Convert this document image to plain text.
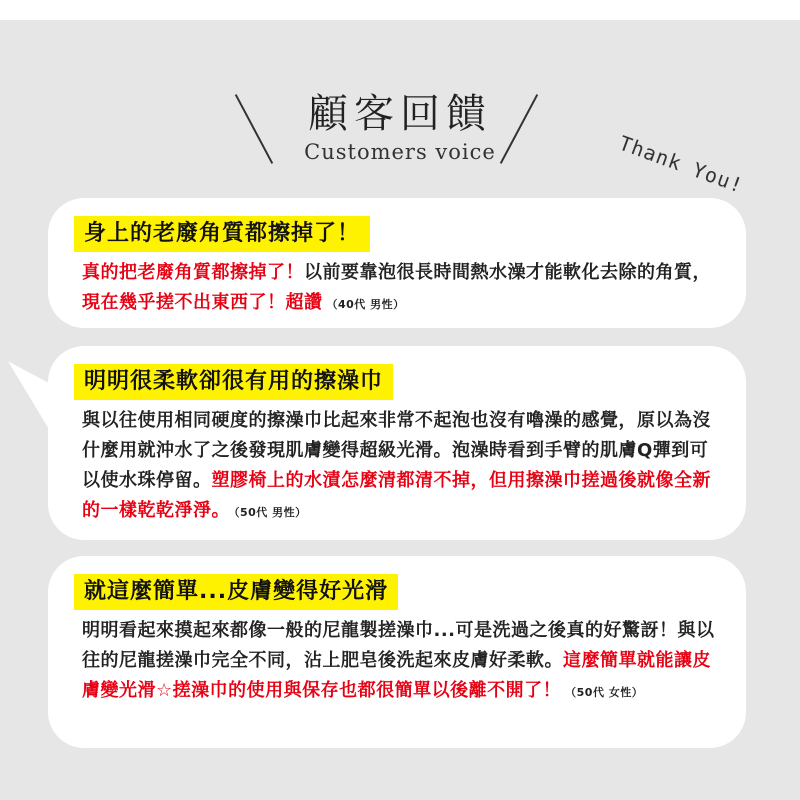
顧客回饋
Customers voice	Thank You!
身上的老廢角質都擦掉了！
真的把老廢角質都擦掉了！以前要靠泡很長時間熱水澡才能軟化去除的角質，現在幾乎搓不出東西了！超讚 （40代 男性）
明明很柔軟卻很有用的擦澡巾
與以往使用相同硬度的擦澡巾比起來非常不起泡也沒有嚕澡的感覺，原以為沒什麼用就沖水了之後發現肌膚變得超級光滑。泡澡時看到手臂的肌膚Q彈到可以使水珠停留。塑膠椅上的水漬怎麼清都清不掉，但用擦澡巾搓過後就像全新的一樣乾乾淨淨。 （50代 男性）
就這麼簡單...皮膚變得好光滑
明明看起來摸起來都像一般的尼龍製搓澡巾...可是洗過之後真的好驚訝！與以往的尼龍搓澡巾完全不同，沾上肥皂後洗起來皮膚好柔軟。這麼簡單就能讓皮膚變光滑☆搓澡巾的使用與保存也都很簡單以後離不開了！ （50代 女性）
